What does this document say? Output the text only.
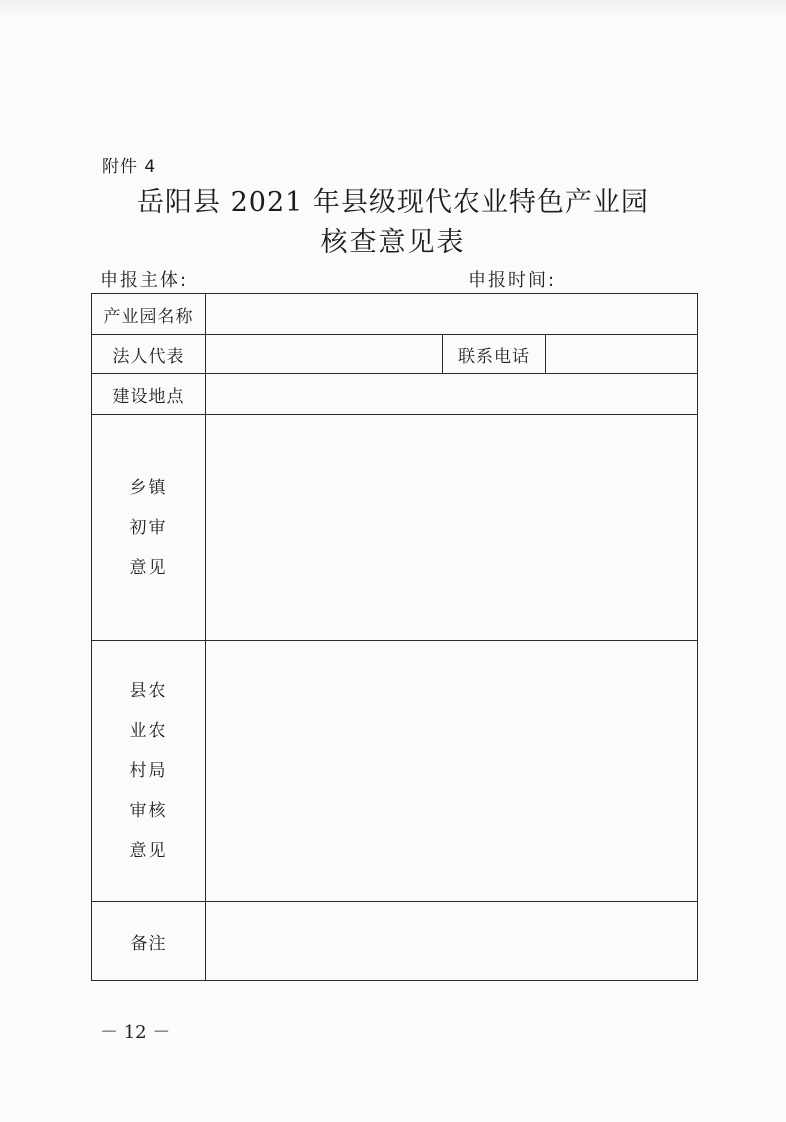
附件 4
岳阳县 2021 年县级现代农业特色产业园
核查意见表
申报主体:	申报时间:
产业园名称			
法人代表		联系电话	
建设地点			

乡镇
初审
意见			

县农
业农
村局
审核
意见			

备注			
－ 12 －
